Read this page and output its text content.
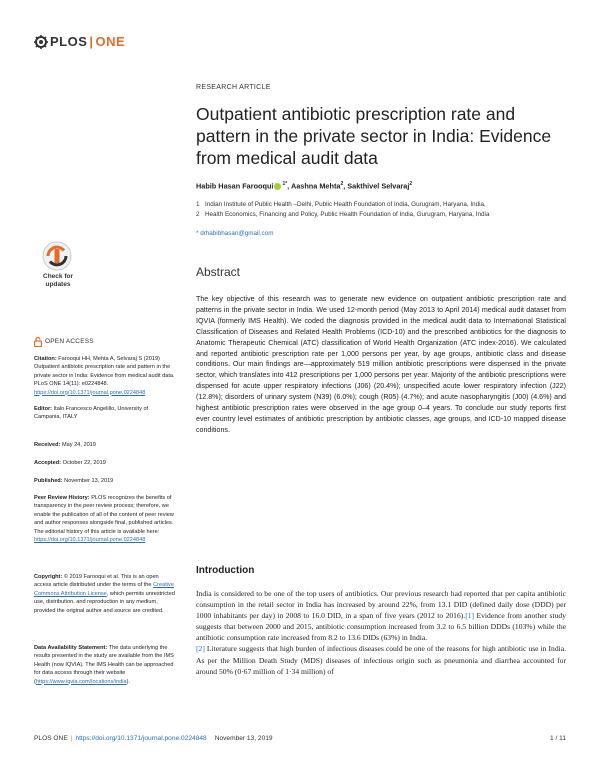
PLOS | ONE
RESEARCH ARTICLE
Outpatient antibiotic prescription rate and pattern in the private sector in India: Evidence from medical audit data
Habib Hasan Farooqui $^{1*}$, Aashna Mehta$^2$, Sakthivel Selvaraj$^2$
1 Indian Institute of Public Health –Delhi, Public Health Foundation of India, Gurugram, Haryana, India,
2 Health Economics, Financing and Policy, Public Health Foundation of India, Gurugram, Haryana, India
* drhabibhasan@gmail.com
Abstract

The key objective of this research was to generate new evidence on outpatient antibiotic prescription rate and patterns in the private sector in India. We used 12-month period (May 2013 to April 2014) medical audit dataset from IQVIA (formerly IMS Health). We coded the diagnosis provided in the medical audit data to International Statistical Classification of Diseases and Related Health Problems (ICD-10) and the prescribed antibiotics for the diagnosis to Anatomic Therapeutic Chemical (ATC) classification of World Health Organization (ATC index-2016). We calculated and reported antibiotic prescription rate per 1,000 persons per year, by age groups, antibiotic class and disease conditions. Our main findings are—approximately 519 million antibiotic prescriptions were dispensed in the private sector, which translates into 412 prescriptions per 1,000 persons per year. Majority of the antibiotic prescriptions were dispensed for acute upper respiratory infections (J06) (20.4%); unspecified acute lower respiratory infection (J22) (12.8%); disorders of urinary system (N39) (6.0%); cough (R05) (4.7%); and acute nasopharyngitis (J00) (4.6%) and highest antibiotic prescription rates were observed in the age group 0–4 years. To conclude our study reports first ever country level estimates of antibiotic prescription by antibiotic classes, age groups, and ICD-10 mapped disease conditions.

Introduction

India is considered to be one of the top users of antibiotics. Our previous research had reported that per capita antibiotic consumption in the retail sector in India has increased by around 22%, from 13.1 DID (defined daily dose (DDD) per 1000 inhabitants per day) in 2008 to 16.0 DID, in a span of five years (2012 to 2016).[1] Evidence from another study suggests that between 2000 and 2015, antibiotic consumption increased from 3.2 to 6.5 billion DDDs (103%) while the antibiotic consumption rate increased from 8.2 to 13.6 DIDs (63%) in India.
[2] Literature suggests that high burden of infectious diseases could be one of the reasons for high antibiotic use in India. As per the Million Death Study (MDS) diseases of infectious origin such as pneumonia and diarrhea accounted for around 50% (0·67 million of 1·34 million) of

Check for
updates
OPEN ACCESS
Citation: Farooqui HH, Mehta A, Selvaraj S (2019) Outpatient antibiotic prescription rate and pattern in the private sector in India: Evidence from medical audit data. PLoS ONE 14(11): e0224848. https://doi.org/10.1371/journal.pone.0224848
Editor: Italo Francesco Angelillo, University of Campania, ITALY
Received: May 24, 2019
Accepted: October 22, 2019
Published: November 13, 2019
Peer Review History: PLOS recognizes the benefits of transparency in the peer review process; therefore, we enable the publication of all of the content of peer review and author responses alongside final, published articles. The editorial history of this article is available here: https://doi.org/10.1371/journal.pone.0224848
Copyright: © 2019 Farooqui et al. This is an open access article distributed under the terms of the Creative Commons Attribution License, which permits unrestricted use, distribution, and reproduction in any medium, provided the original author and source are credited.
Data Availability Statement: The data underlying the results presented in the study are available from the IMS Health (now IQVIA). The IMS Health can be approached for data access through their website (https://www.iqvia.com/locations/india).
PLOS ONE | https://doi.org/10.1371/journal.pone.0224848 November 13, 2019	1 / 11
